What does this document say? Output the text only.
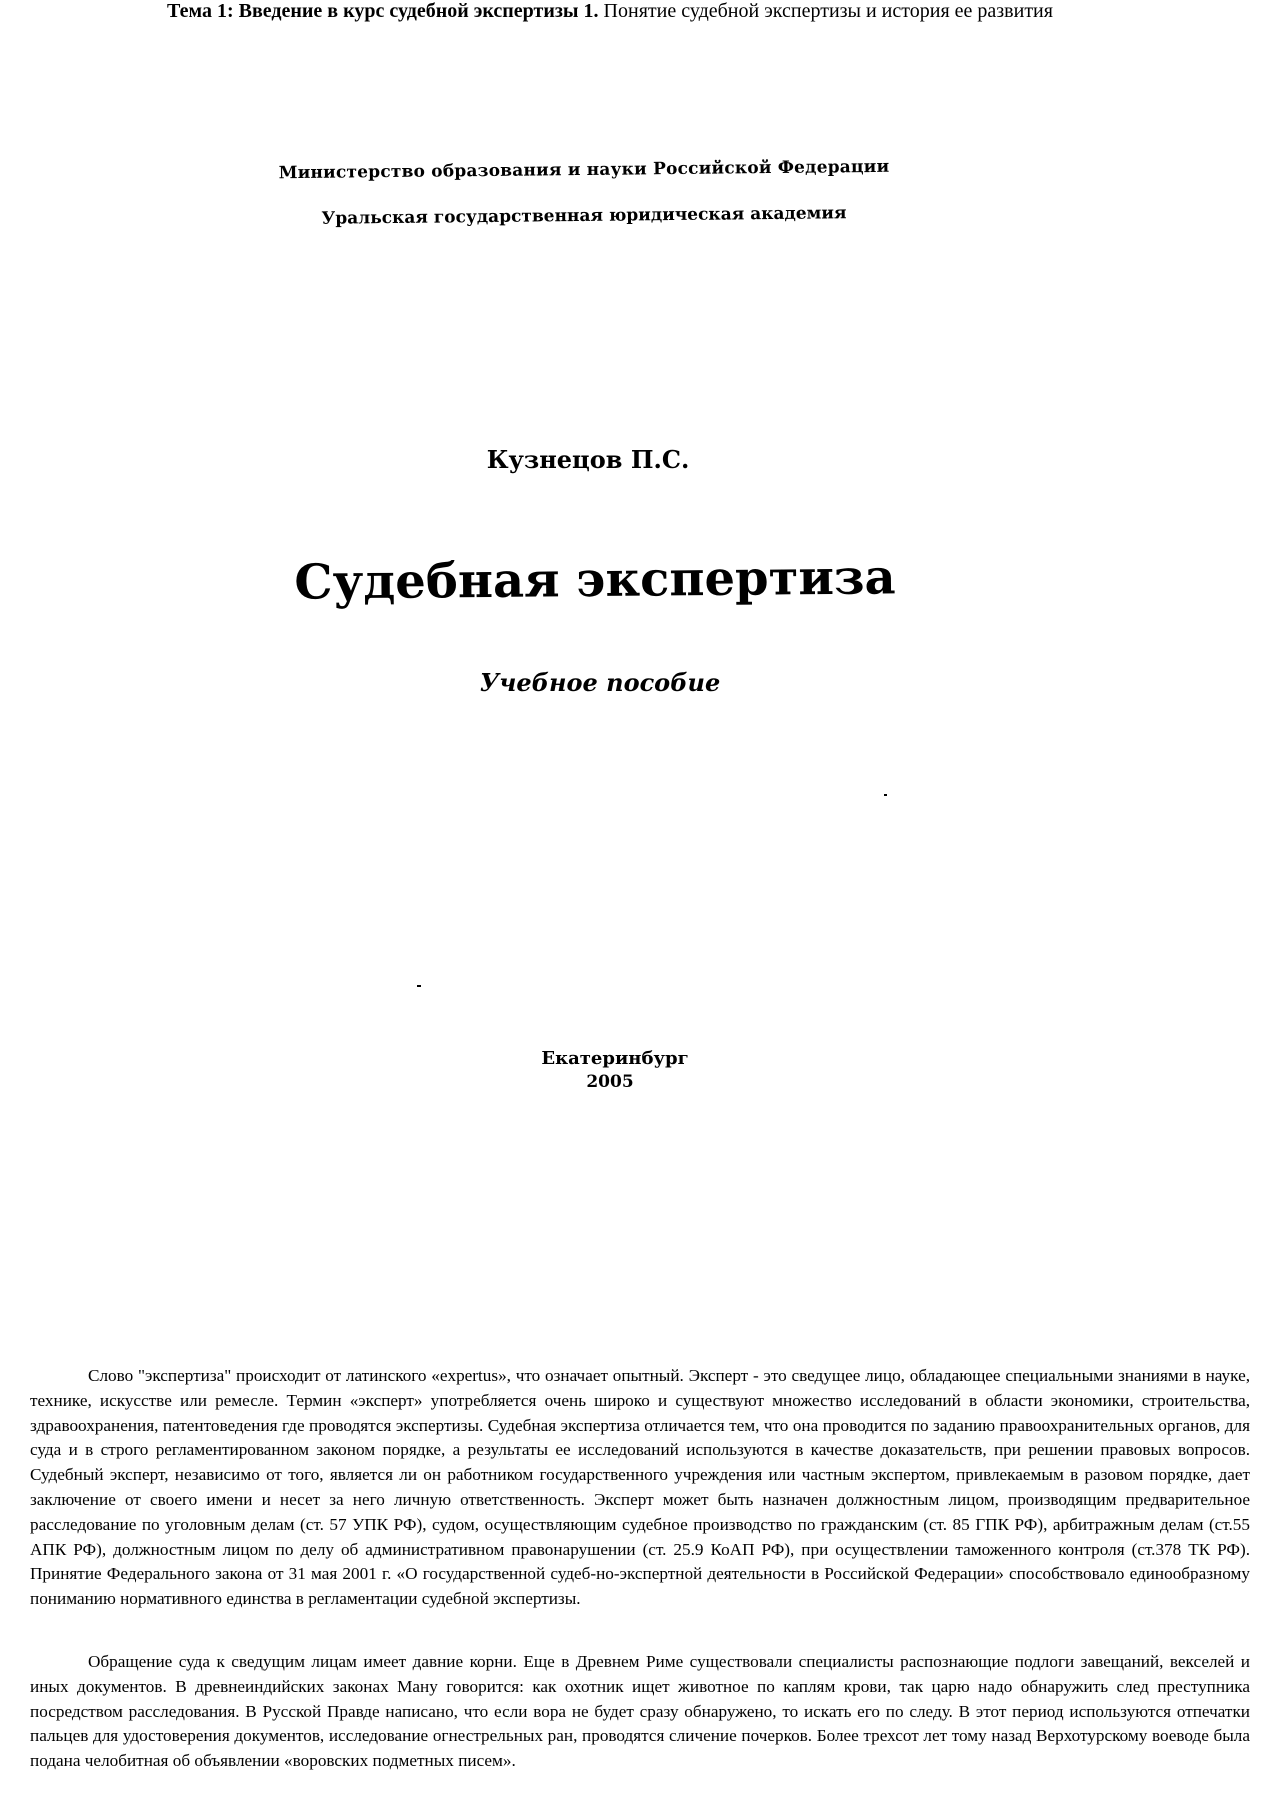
Министерство образования и науки Российской Федерации
Уральская государственная юридическая академия
Кузнецов П.С.
Судебная экспертиза
Учебное пособие
Екатеринбург
2005
Тема 1: Введение в курс судебной экспертизы 1. Понятие судебной экспертизы и история ее развития

Слово "экспертиза" происходит от латинского «expertus», что означает опытный. Эксперт - это сведущее лицо, обладающее специальными знаниями в науке, технике, искусстве или ремесле. Термин «эксперт» употребляется очень широко и существуют множество исследований в области экономики, строительства, здравоохранения, патентоведения где проводятся экспертизы. Судебная экспертиза отличается тем, что она проводится по заданию правоохранительных органов, для суда и в строго регламентированном законом порядке, а результаты ее исследований используются в качестве доказательств, при решении правовых вопросов. Судебный эксперт, независимо от того, является ли он работником государственного учреждения или частным экспертом, привлекаемым в разовом порядке, дает заключение от своего имени и несет за него личную ответственность. Эксперт может быть назначен должностным лицом, производящим предварительное расследование по уголовным делам (ст. 57 УПК РФ), судом, осуществляющим судебное производство по гражданским (ст. 85 ГПК РФ), арбитражным делам (ст.55 АПК РФ), должностным лицом по делу об административном правонарушении (ст. 25.9 КоАП РФ), при осуществлении таможенного контроля (ст.378 ТК РФ). Принятие Федерального закона от 31 мая 2001 г. «О государственной судеб-но-экспертной деятельности в Российской Федерации» способствовало единообразному пониманию нормативного единства в регламентации судебной экспертизы.

Обращение суда к сведущим лицам имеет давние корни. Еще в Древнем Риме существовали специалисты распознающие подлоги завещаний, векселей и иных документов. В древнеиндийских законах Ману говорится: как охотник ищет животное по каплям крови, так царю надо обнаружить след преступника посредством расследования. В Русской Правде написано, что если вора не будет сразу обнаружено, то искать его по следу. В этот период используются отпечатки пальцев для удостоверения документов, исследование огнестрельных ран, проводятся сличение почерков. Более трехсот лет тому назад Верхотурскому воеводе была подана челобитная об объявлении «воровских подметных писем».
